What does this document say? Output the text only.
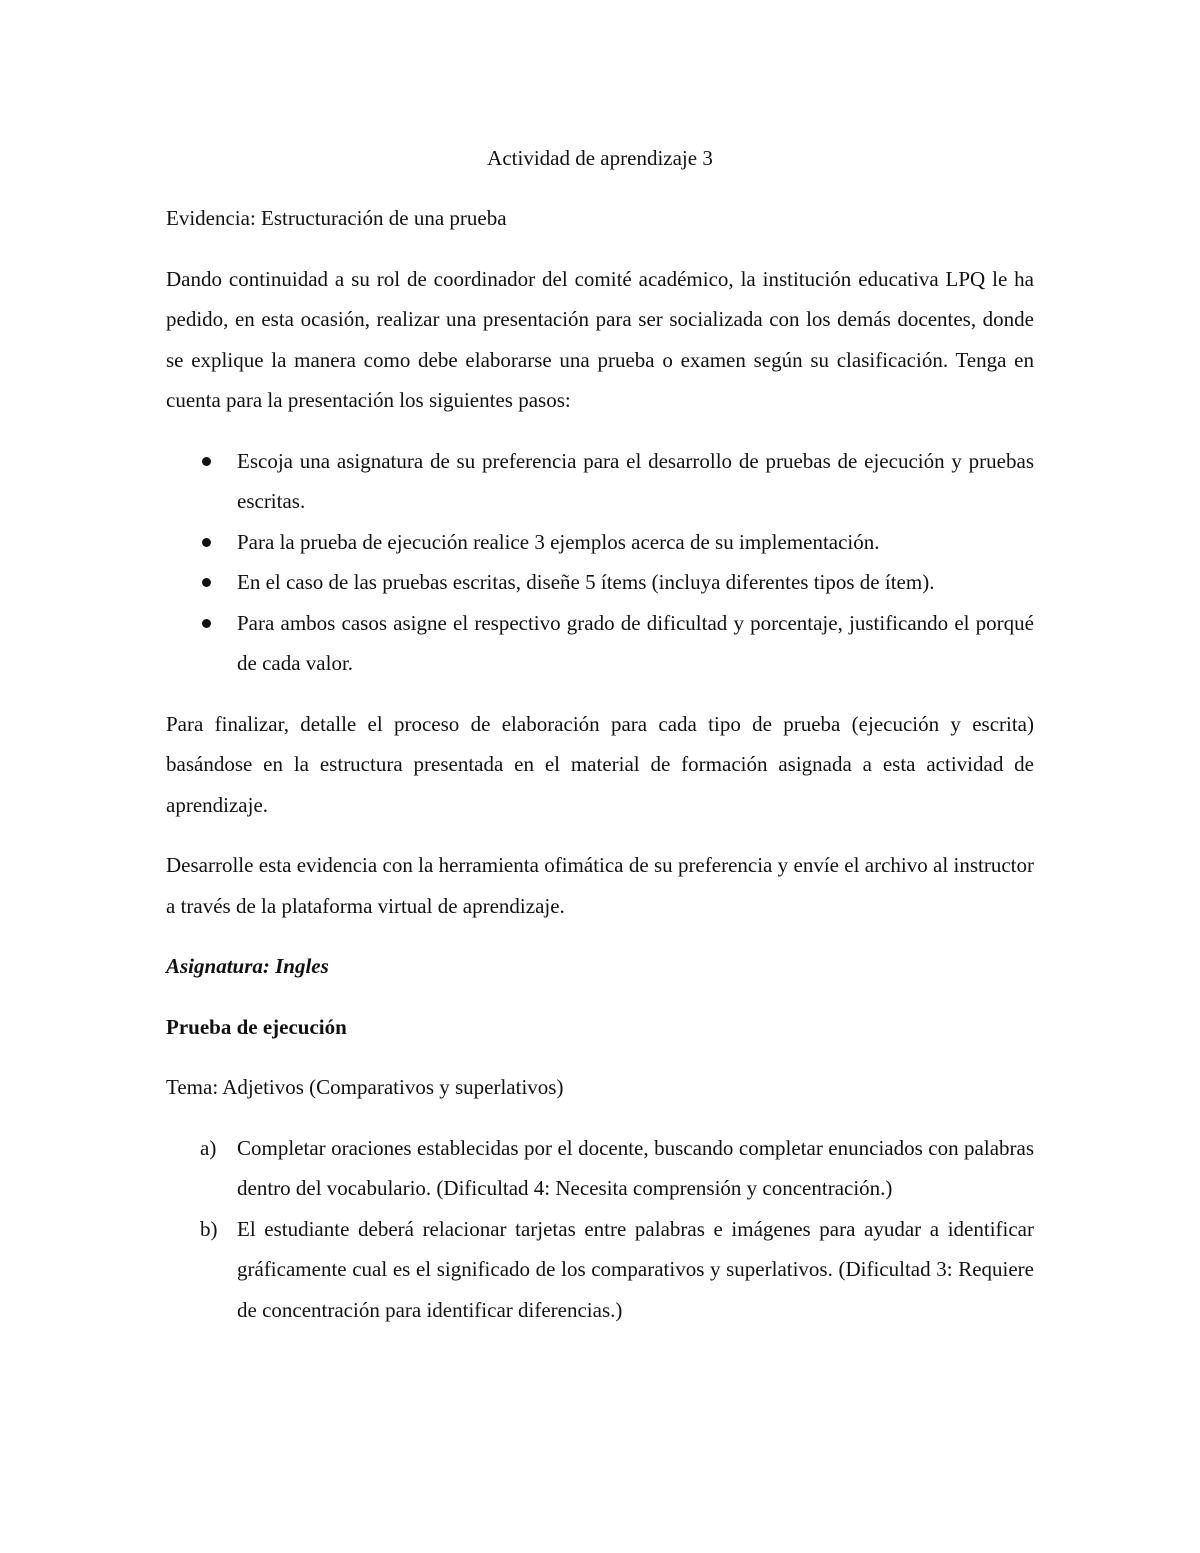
Actividad de aprendizaje 3

Evidencia: Estructuración de una prueba

Dando continuidad a su rol de coordinador del comité académico, la institución educativa LPQ le ha pedido, en esta ocasión, realizar una presentación para ser socializada con los demás docentes, donde se explique la manera como debe elaborarse una prueba o examen según su clasificación. Tenga en cuenta para la presentación los siguientes pasos:

Escoja una asignatura de su preferencia para el desarrollo de pruebas de ejecución y pruebas escritas.
Para la prueba de ejecución realice 3 ejemplos acerca de su implementación.
En el caso de las pruebas escritas, diseñe 5 ítems (incluya diferentes tipos de ítem).
Para ambos casos asigne el respectivo grado de dificultad y porcentaje, justificando el porqué de cada valor.

Para finalizar, detalle el proceso de elaboración para cada tipo de prueba (ejecución y escrita) basándose en la estructura presentada en el material de formación asignada a esta actividad de aprendizaje.

Desarrolle esta evidencia con la herramienta ofimática de su preferencia y envíe el archivo al instructor a través de la plataforma virtual de aprendizaje.

Asignatura: Ingles
Prueba de ejecución

Tema: Adjetivos (Comparativos y superlativos)

a) Completar oraciones establecidas por el docente, buscando completar enunciados con palabras dentro del vocabulario. (Dificultad 4: Necesita comprensión y concentración.)
b) El estudiante deberá relacionar tarjetas entre palabras e imágenes para ayudar a identificar gráficamente cual es el significado de los comparativos y superlativos. (Dificultad 3: Requiere de concentración para identificar diferencias.)
